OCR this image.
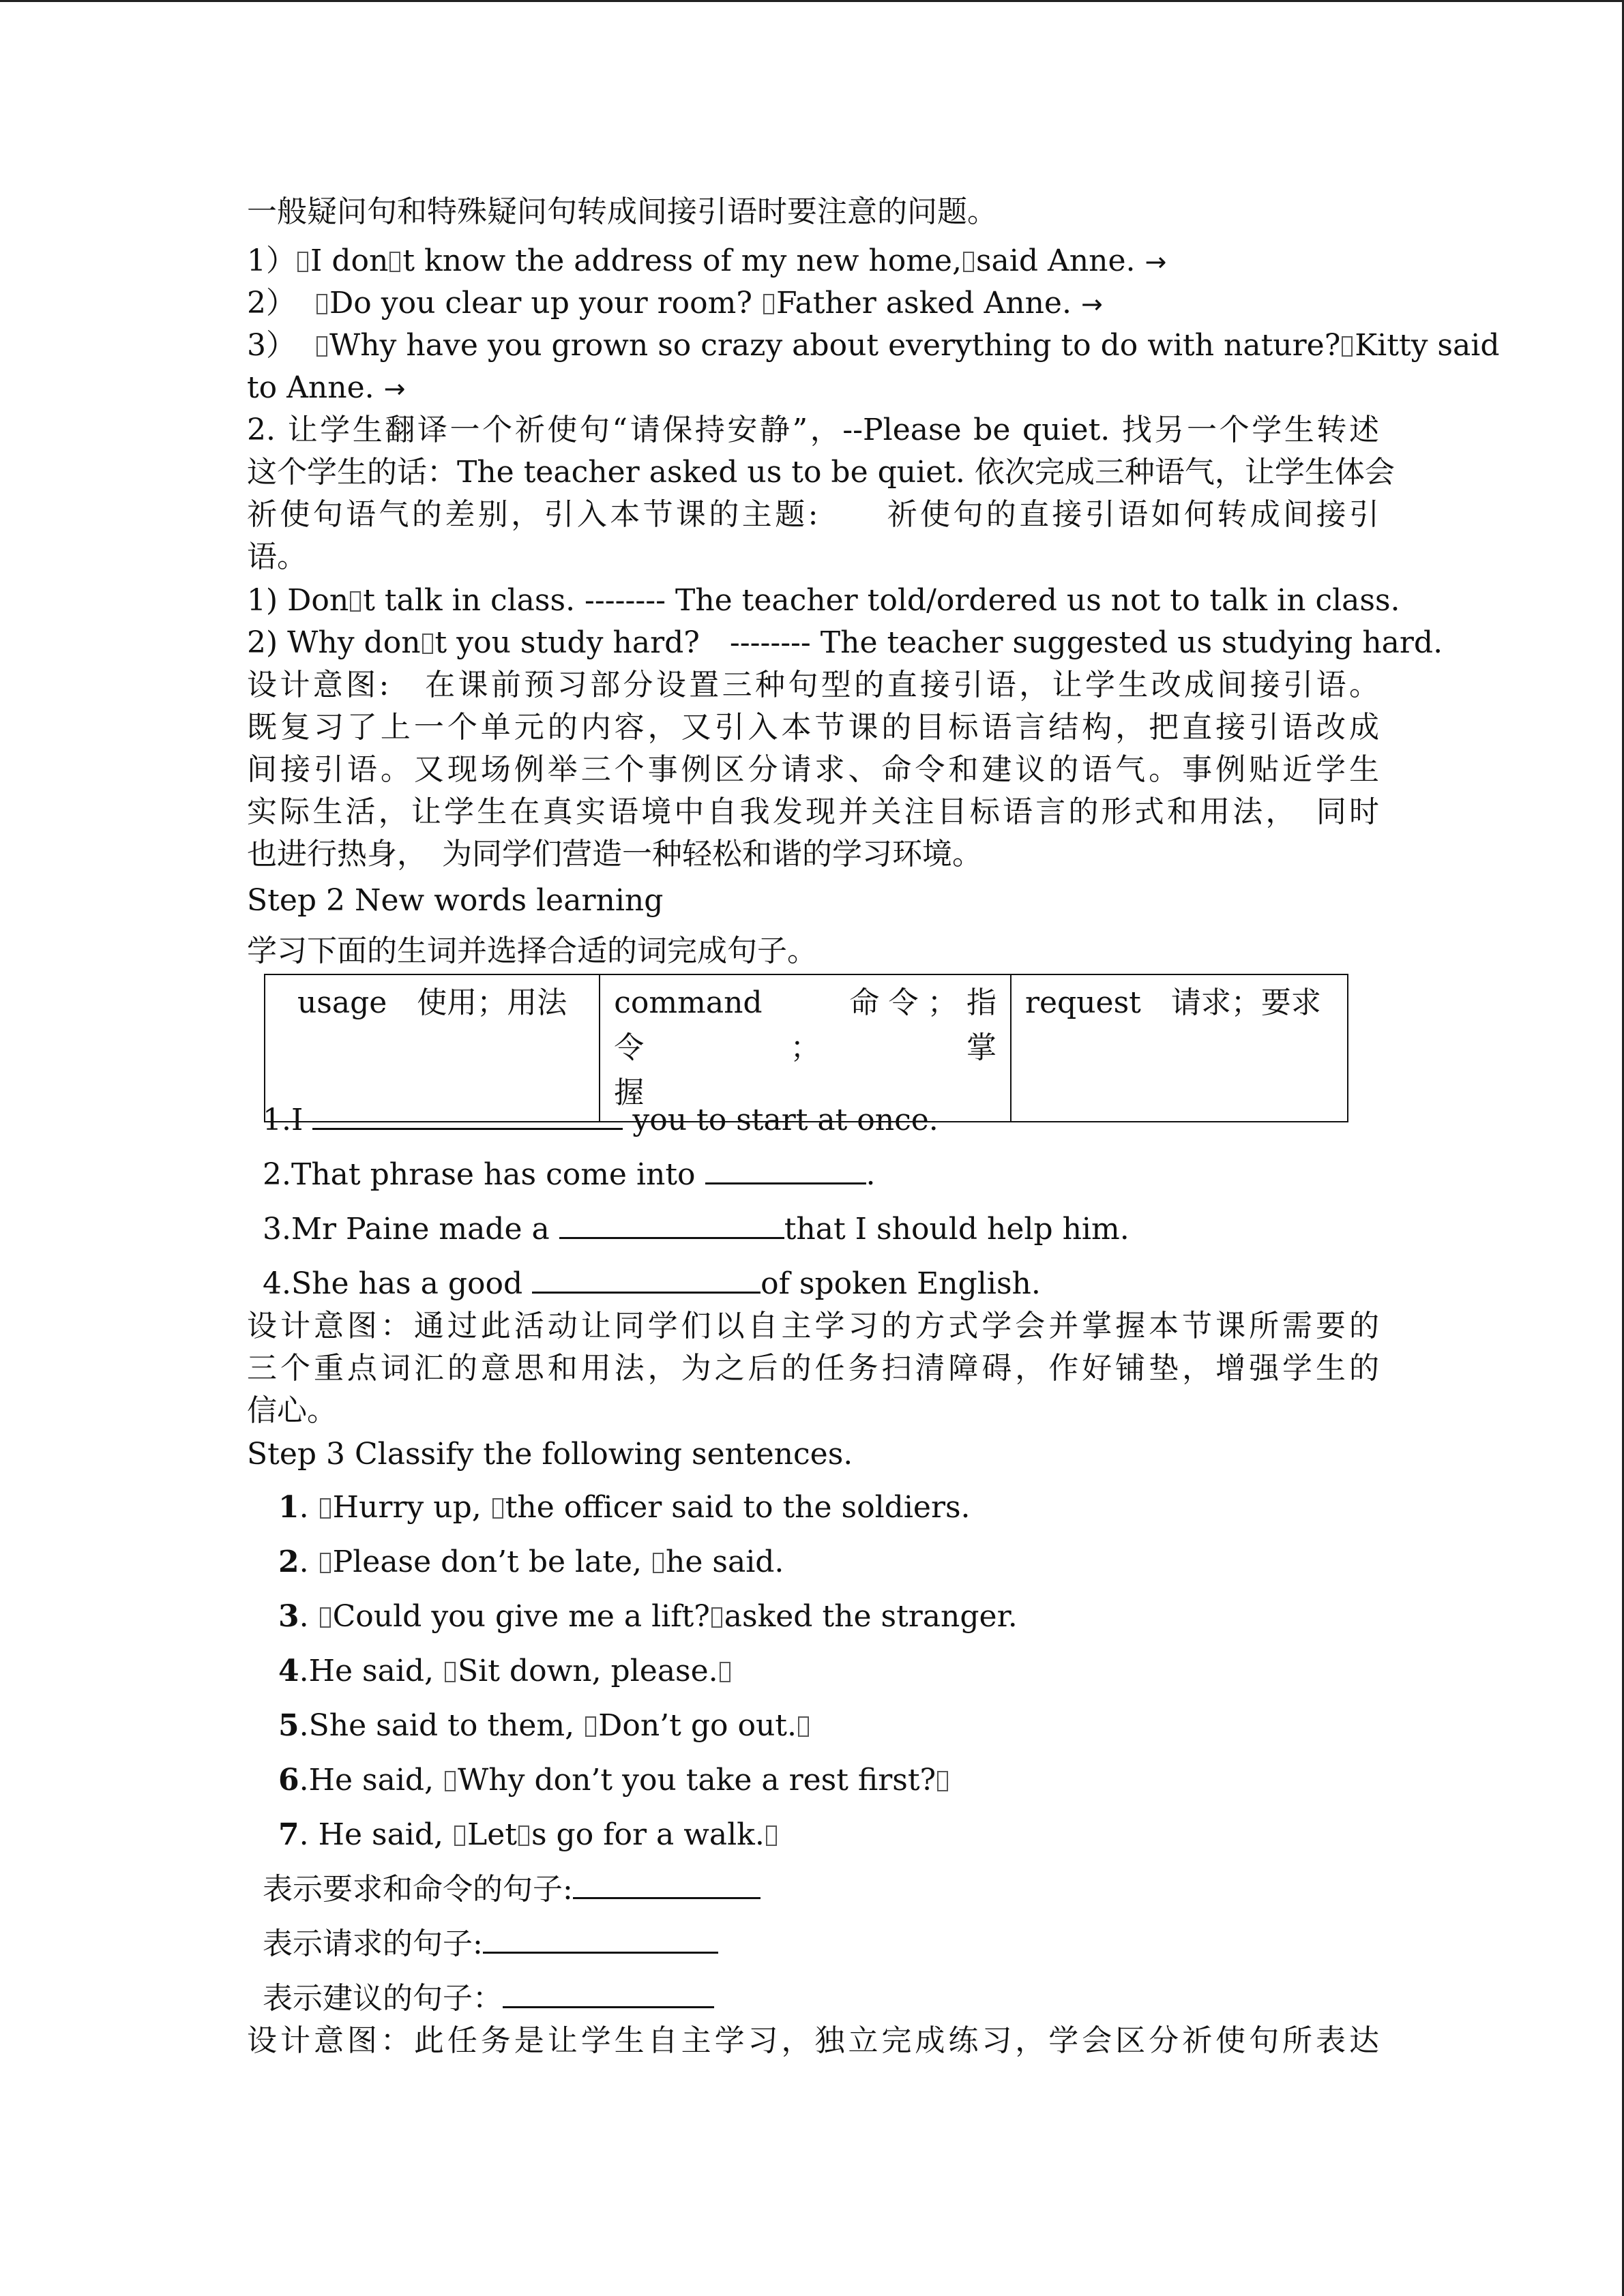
一般疑问句和特殊疑问句转成间接引语时要注意的问题。
1） I don t know the address of my new home, said Anne. →
2） Do you clear up your room? Father asked Anne. →
3） Why have you grown so crazy about everything to do with nature? Kitty said
to Anne. →
2. 让学生翻译一个祈使句“请保持安静”，--Please be quiet. 找另一个学生转述
这个学生的话：The teacher asked us to be quiet. 依次完成三种语气，让学生体会
祈使句语气的差别，引入本节课的主题:　　祈使句的直接引语如何转成间接引
语。
1) Don t talk in class. -------- The teacher told/ordered us not to talk in class.
2) Why don t you study hard?　-------- The teacher suggested us studying hard.
设计意图:　在课前预习部分设置三种句型的直接引语，让学生改成间接引语。
既复习了上一个单元的内容，又引入本节课的目标语言结构，把直接引语改成
间接引语。又现场例举三个事例区分请求、命令和建议的语气。事例贴近学生
实际生活，让学生在真实语境中自我发现并关注目标语言的形式和用法，　同时
也进行热身，　为同学们营造一种轻松和谐的学习环境。
Step 2 New words learning
学习下面的生词并选择合适的词完成句子。
usage　使用；用法	command　　命令；指令；掌
握
	request　请求；要求
1.I	you to start at once.
2.That phrase has come into	.
3.Mr Paine made a	that I should help him.
4.She has a good	of spoken English.
设计意图：通过此活动让同学们以自主学习的方式学会并掌握本节课所需要的
三个重点词汇的意思和用法，为之后的任务扫清障碍，作好铺垫，增强学生的
信心。
Step 3 Classify the following sentences.
1. Hurry up, the officer said to the soldiers.
2. Please don’t be late, he said.
3. Could you give me a lift? asked the stranger.
4.He said, Sit down, please.
5.She said to them, Don’t go out.
6.He said, Why don’t you take a rest first?
7. He said, Let s go for a walk.
表示要求和命令的句子:
表示请求的句子:
表示建议的句子：
设计意图：此任务是让学生自主学习，独立完成练习，学会区分祈使句所表达
